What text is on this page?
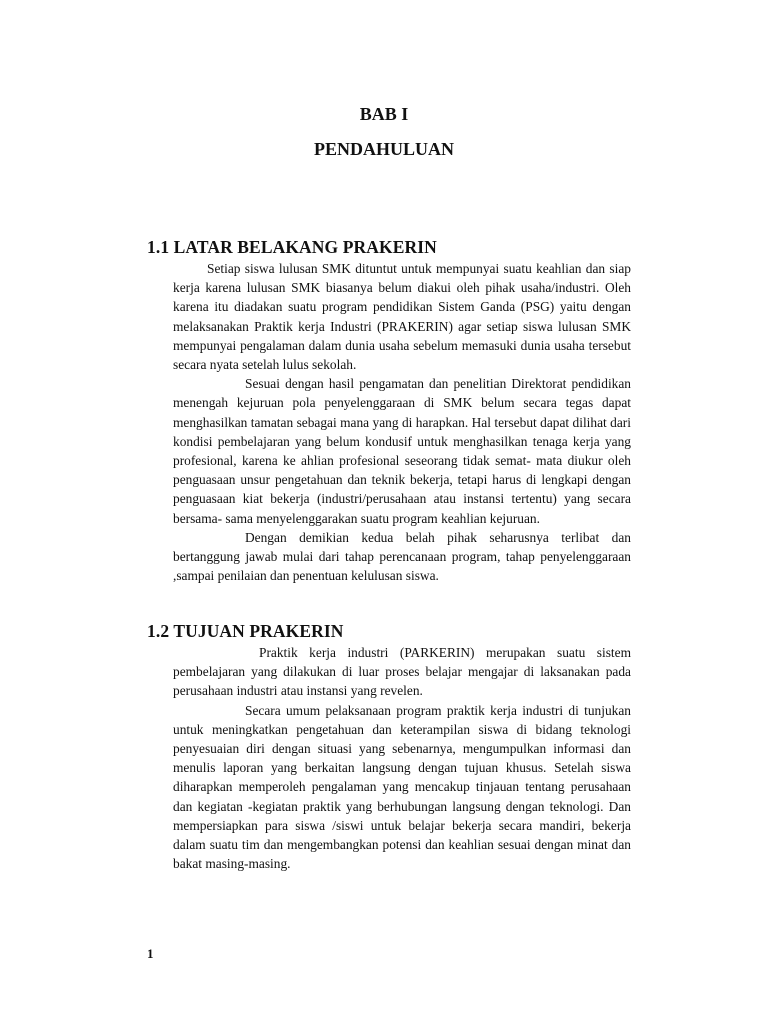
BAB I
PENDAHULUAN
1.1 LATAR BELAKANG PRAKERIN

Setiap siswa lulusan SMK dituntut untuk mempunyai suatu keahlian dan siap kerja karena lulusan SMK biasanya belum diakui oleh pihak usaha/industri. Oleh karena itu diadakan suatu program pendidikan Sistem Ganda (PSG) yaitu dengan melaksanakan Praktik kerja Industri (PRAKERIN) agar setiap siswa lulusan SMK mempunyai pengalaman dalam dunia usaha sebelum memasuki dunia usaha tersebut secara nyata setelah lulus sekolah.

Sesuai dengan hasil pengamatan dan penelitian Direktorat pendidikan menengah kejuruan pola penyelenggaraan di SMK belum secara tegas dapat menghasilkan tamatan sebagai mana yang di harapkan. Hal tersebut dapat dilihat dari kondisi pembelajaran yang belum kondusif untuk menghasilkan tenaga kerja yang profesional, karena ke ahlian profesional seseorang tidak semat- mata diukur oleh penguasaan unsur pengetahuan dan teknik bekerja, tetapi harus di lengkapi dengan penguasaan kiat bekerja (industri/perusahaan atau instansi tertentu) yang secara bersama- sama menyelenggarakan suatu program keahlian kejuruan.

Dengan demikian kedua belah pihak seharusnya terlibat dan bertanggung jawab mulai dari tahap perencanaan program, tahap penyelenggaraan ,sampai penilaian dan penentuan kelulusan siswa.

1.2 TUJUAN PRAKERIN

Praktik kerja industri (PARKERIN) merupakan suatu sistem pembelajaran yang dilakukan di luar proses belajar mengajar di laksanakan pada perusahaan industri atau instansi yang revelen.

Secara umum pelaksanaan program praktik kerja industri di tunjukan untuk meningkatkan pengetahuan dan keterampilan siswa di bidang teknologi penyesuaian diri dengan situasi yang sebenarnya, mengumpulkan informasi dan menulis laporan yang berkaitan langsung dengan tujuan khusus. Setelah siswa diharapkan memperoleh pengalaman yang mencakup tinjauan tentang perusahaan dan kegiatan -kegiatan praktik yang berhubungan langsung dengan teknologi. Dan mempersiapkan para siswa /siswi untuk belajar bekerja secara mandiri, bekerja dalam suatu tim dan mengembangkan potensi dan keahlian sesuai dengan minat dan bakat masing-masing.

1
